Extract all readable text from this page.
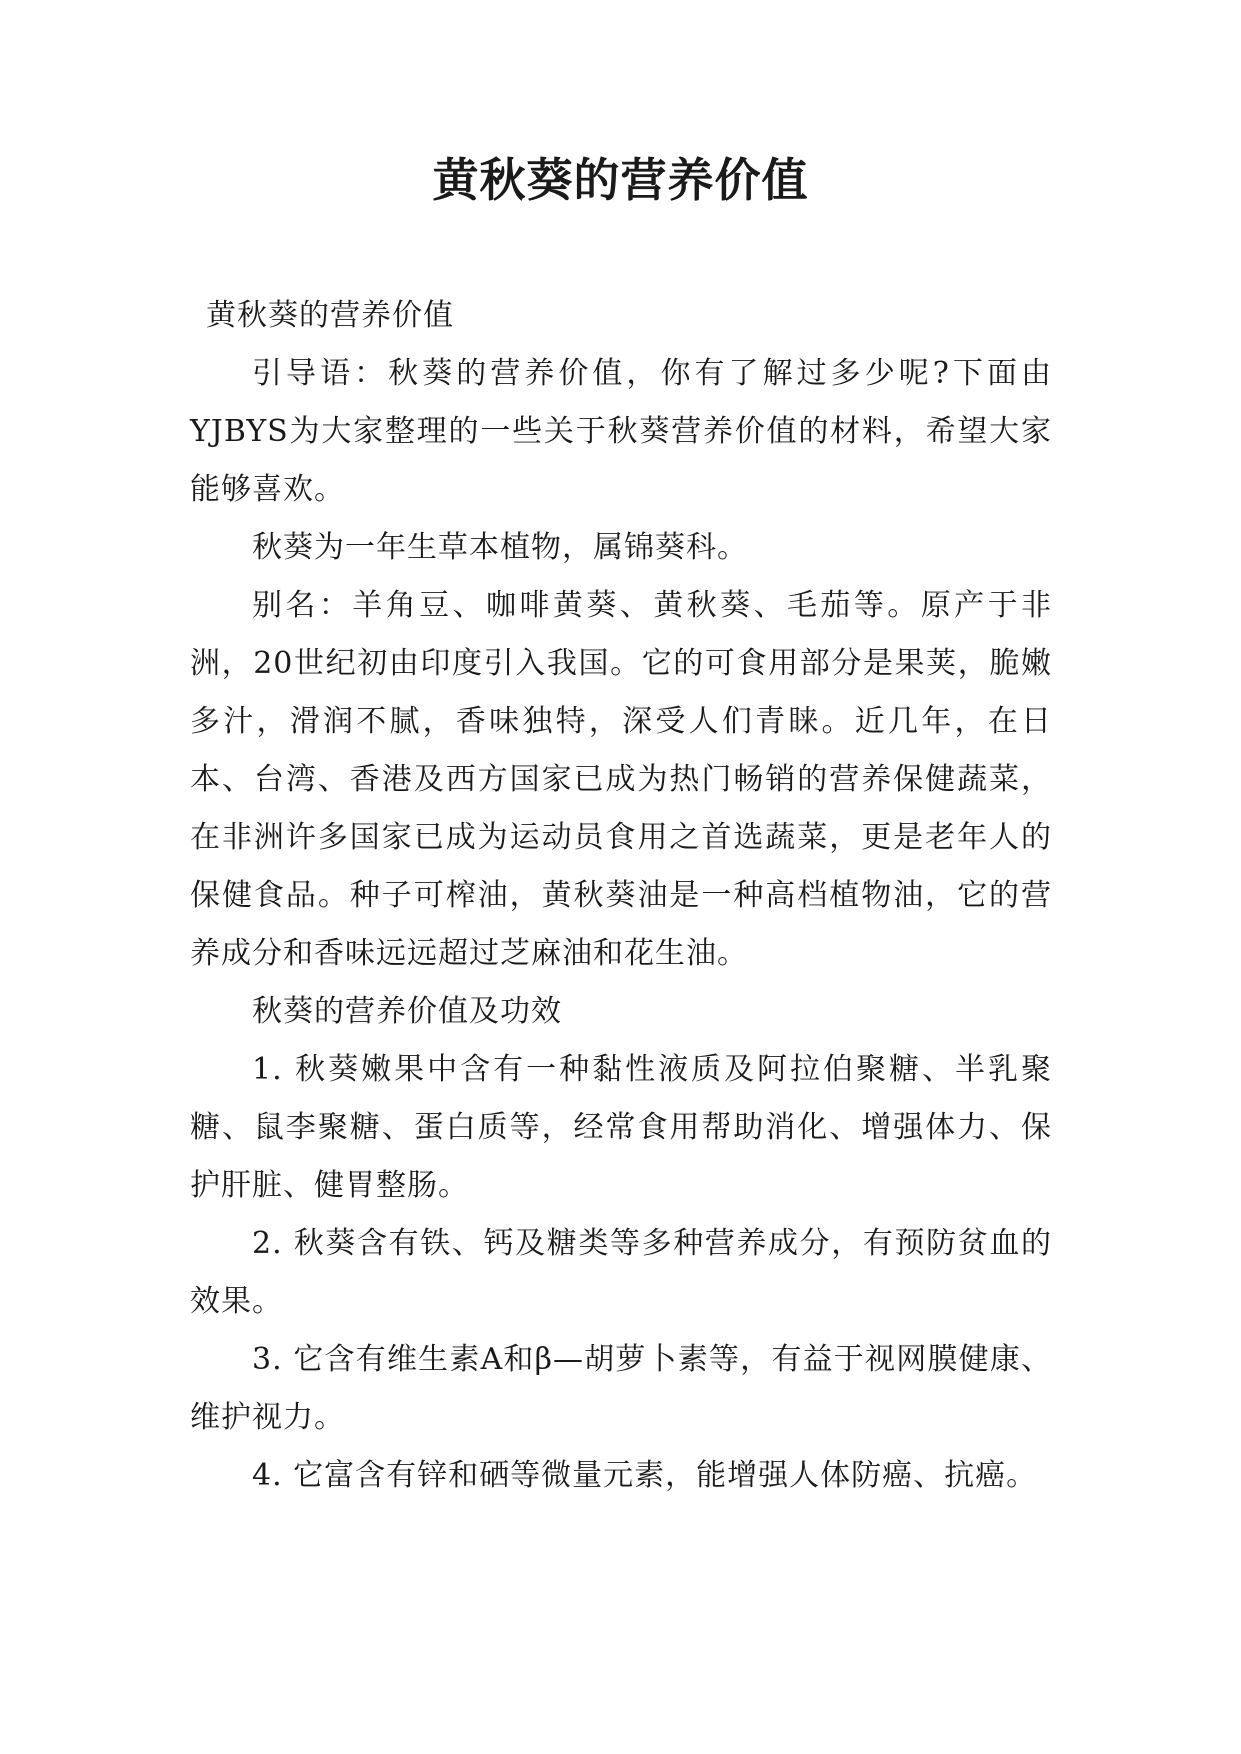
黄秋葵的营养价值

黄秋葵的营养价值

引导语：秋葵的营养价值，你有了解过多少呢?下面由YJBYS为大家整理的一些关于秋葵营养价值的材料，希望大家能够喜欢。

秋葵为一年生草本植物，属锦葵科。

别名：羊角豆、咖啡黄葵、黄秋葵、毛茄等。原产于非洲，20世纪初由印度引入我国。它的可食用部分是果荚，脆嫩多汁，滑润不腻，香味独特，深受人们青睐。近几年，在日本、台湾、香港及西方国家已成为热门畅销的营养保健蔬菜，在非洲许多国家已成为运动员食用之首选蔬菜，更是老年人的保健食品。种子可榨油，黄秋葵油是一种高档植物油，它的营养成分和香味远远超过芝麻油和花生油。

秋葵的营养价值及功效

1. 秋葵嫩果中含有一种黏性液质及阿拉伯聚糖、半乳聚糖、鼠李聚糖、蛋白质等，经常食用帮助消化、增强体力、保护肝脏、健胃整肠。

2. 秋葵含有铁、钙及糖类等多种营养成分，有预防贫血的效果。

3. 它含有维生素A和β—胡萝卜素等，有益于视网膜健康、维护视力。

4. 它富含有锌和硒等微量元素，能增强人体防癌、抗癌。
